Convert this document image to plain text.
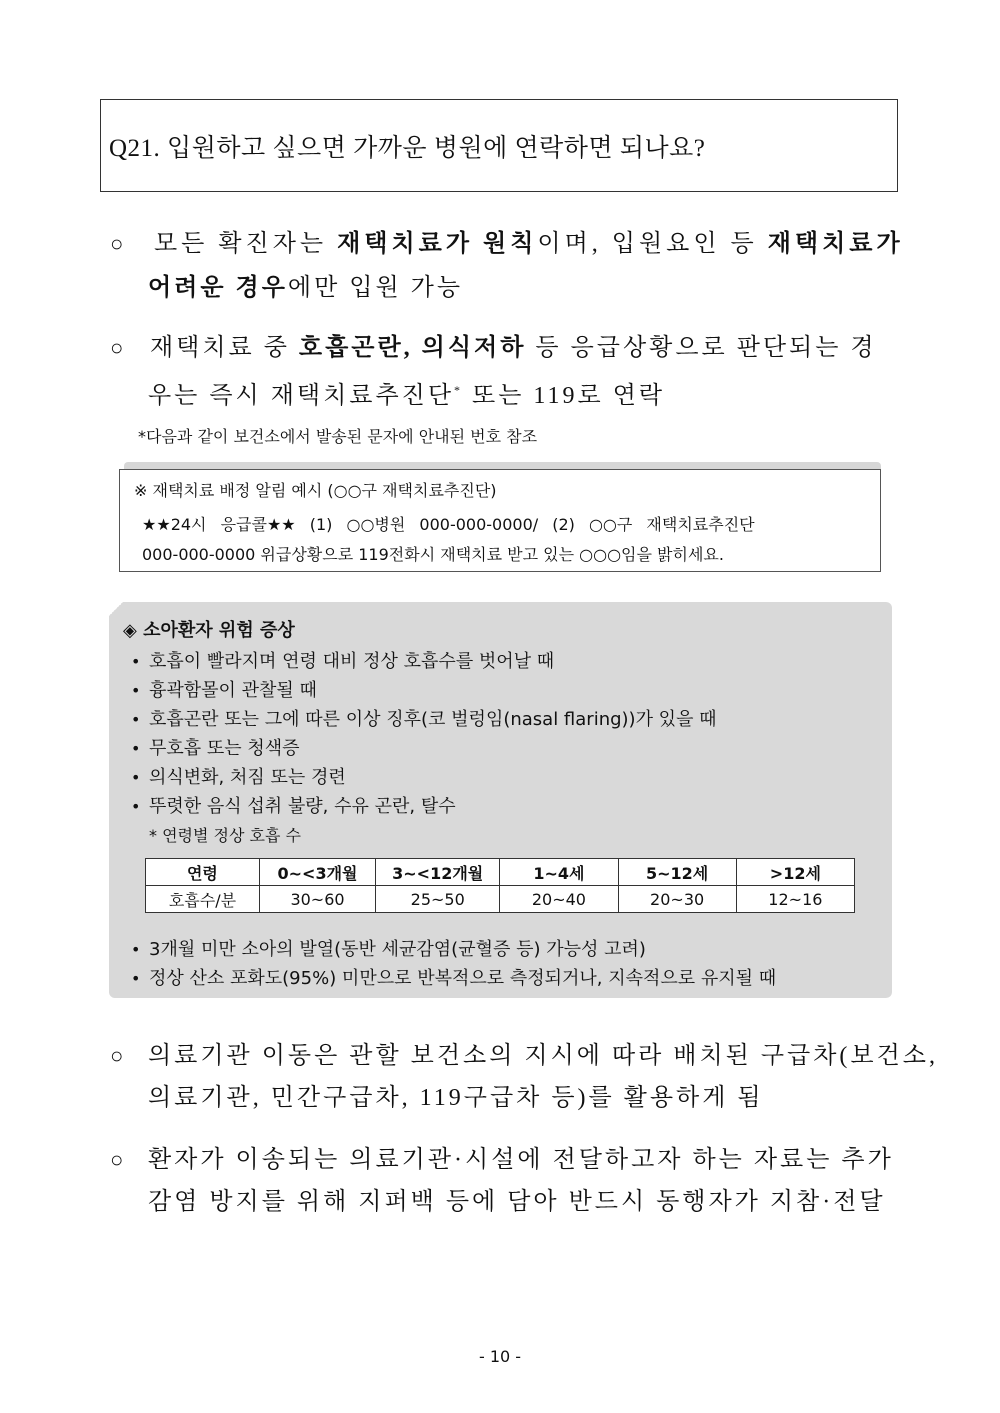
Q21. 입원하고 싶으면 가까운 병원에 연락하면 되나요?
○ 모든 확진자는 재택치료가 원칙이며, 입원요인 등 재택치료가
어려운 경우에만 입원 가능
○ 재택치료 중 호흡곤란, 의식저하 등 응급상황으로 판단되는 경
우는 즉시 재택치료추진단* 또는 119로 연락
*다음과 같이 보건소에서 발송된 문자에 안내된 번호 참조
※ 재택치료 배정 알림 예시 (○○구 재택치료추진단)
★★24시 응급콜★★ (1) ○○병원 000-000-0000/ (2) ○○구 재택치료추진단
000-000-0000 위급상황으로 119전화시 재택치료 받고 있는 ○○○임을 밝히세요.
◈ 소아환자 위험 증상
• 호흡이 빨라지며 연령 대비 정상 호흡수를 벗어날 때
• 흉곽함몰이 관찰될 때
• 호흡곤란 또는 그에 따른 이상 징후(코 벌렁임(nasal flaring))가 있을 때
• 무호흡 또는 청색증
• 의식변화, 처짐 또는 경련
• 뚜렷한 음식 섭취 불량, 수유 곤란, 탈수
* 연령별 정상 호흡 수
연령	0~<3개월	3~<12개월	1~4세	5~12세	>12세
호흡수/분	30~60	25~50	20~40	20~30	12~16
• 3개월 미만 소아의 발열(동반 세균감염(균혈증 등) 가능성 고려)
• 정상 산소 포화도(95%) 미만으로 반복적으로 측정되거나, 지속적으로 유지될 때
○ 의료기관 이동은 관할 보건소의 지시에 따라 배치된 구급차(보건소,
의료기관, 민간구급차, 119구급차 등)를 활용하게 됨
○ 환자가 이송되는 의료기관·시설에 전달하고자 하는 자료는 추가
감염 방지를 위해 지퍼백 등에 담아 반드시 동행자가 지참·전달
- 10 -
